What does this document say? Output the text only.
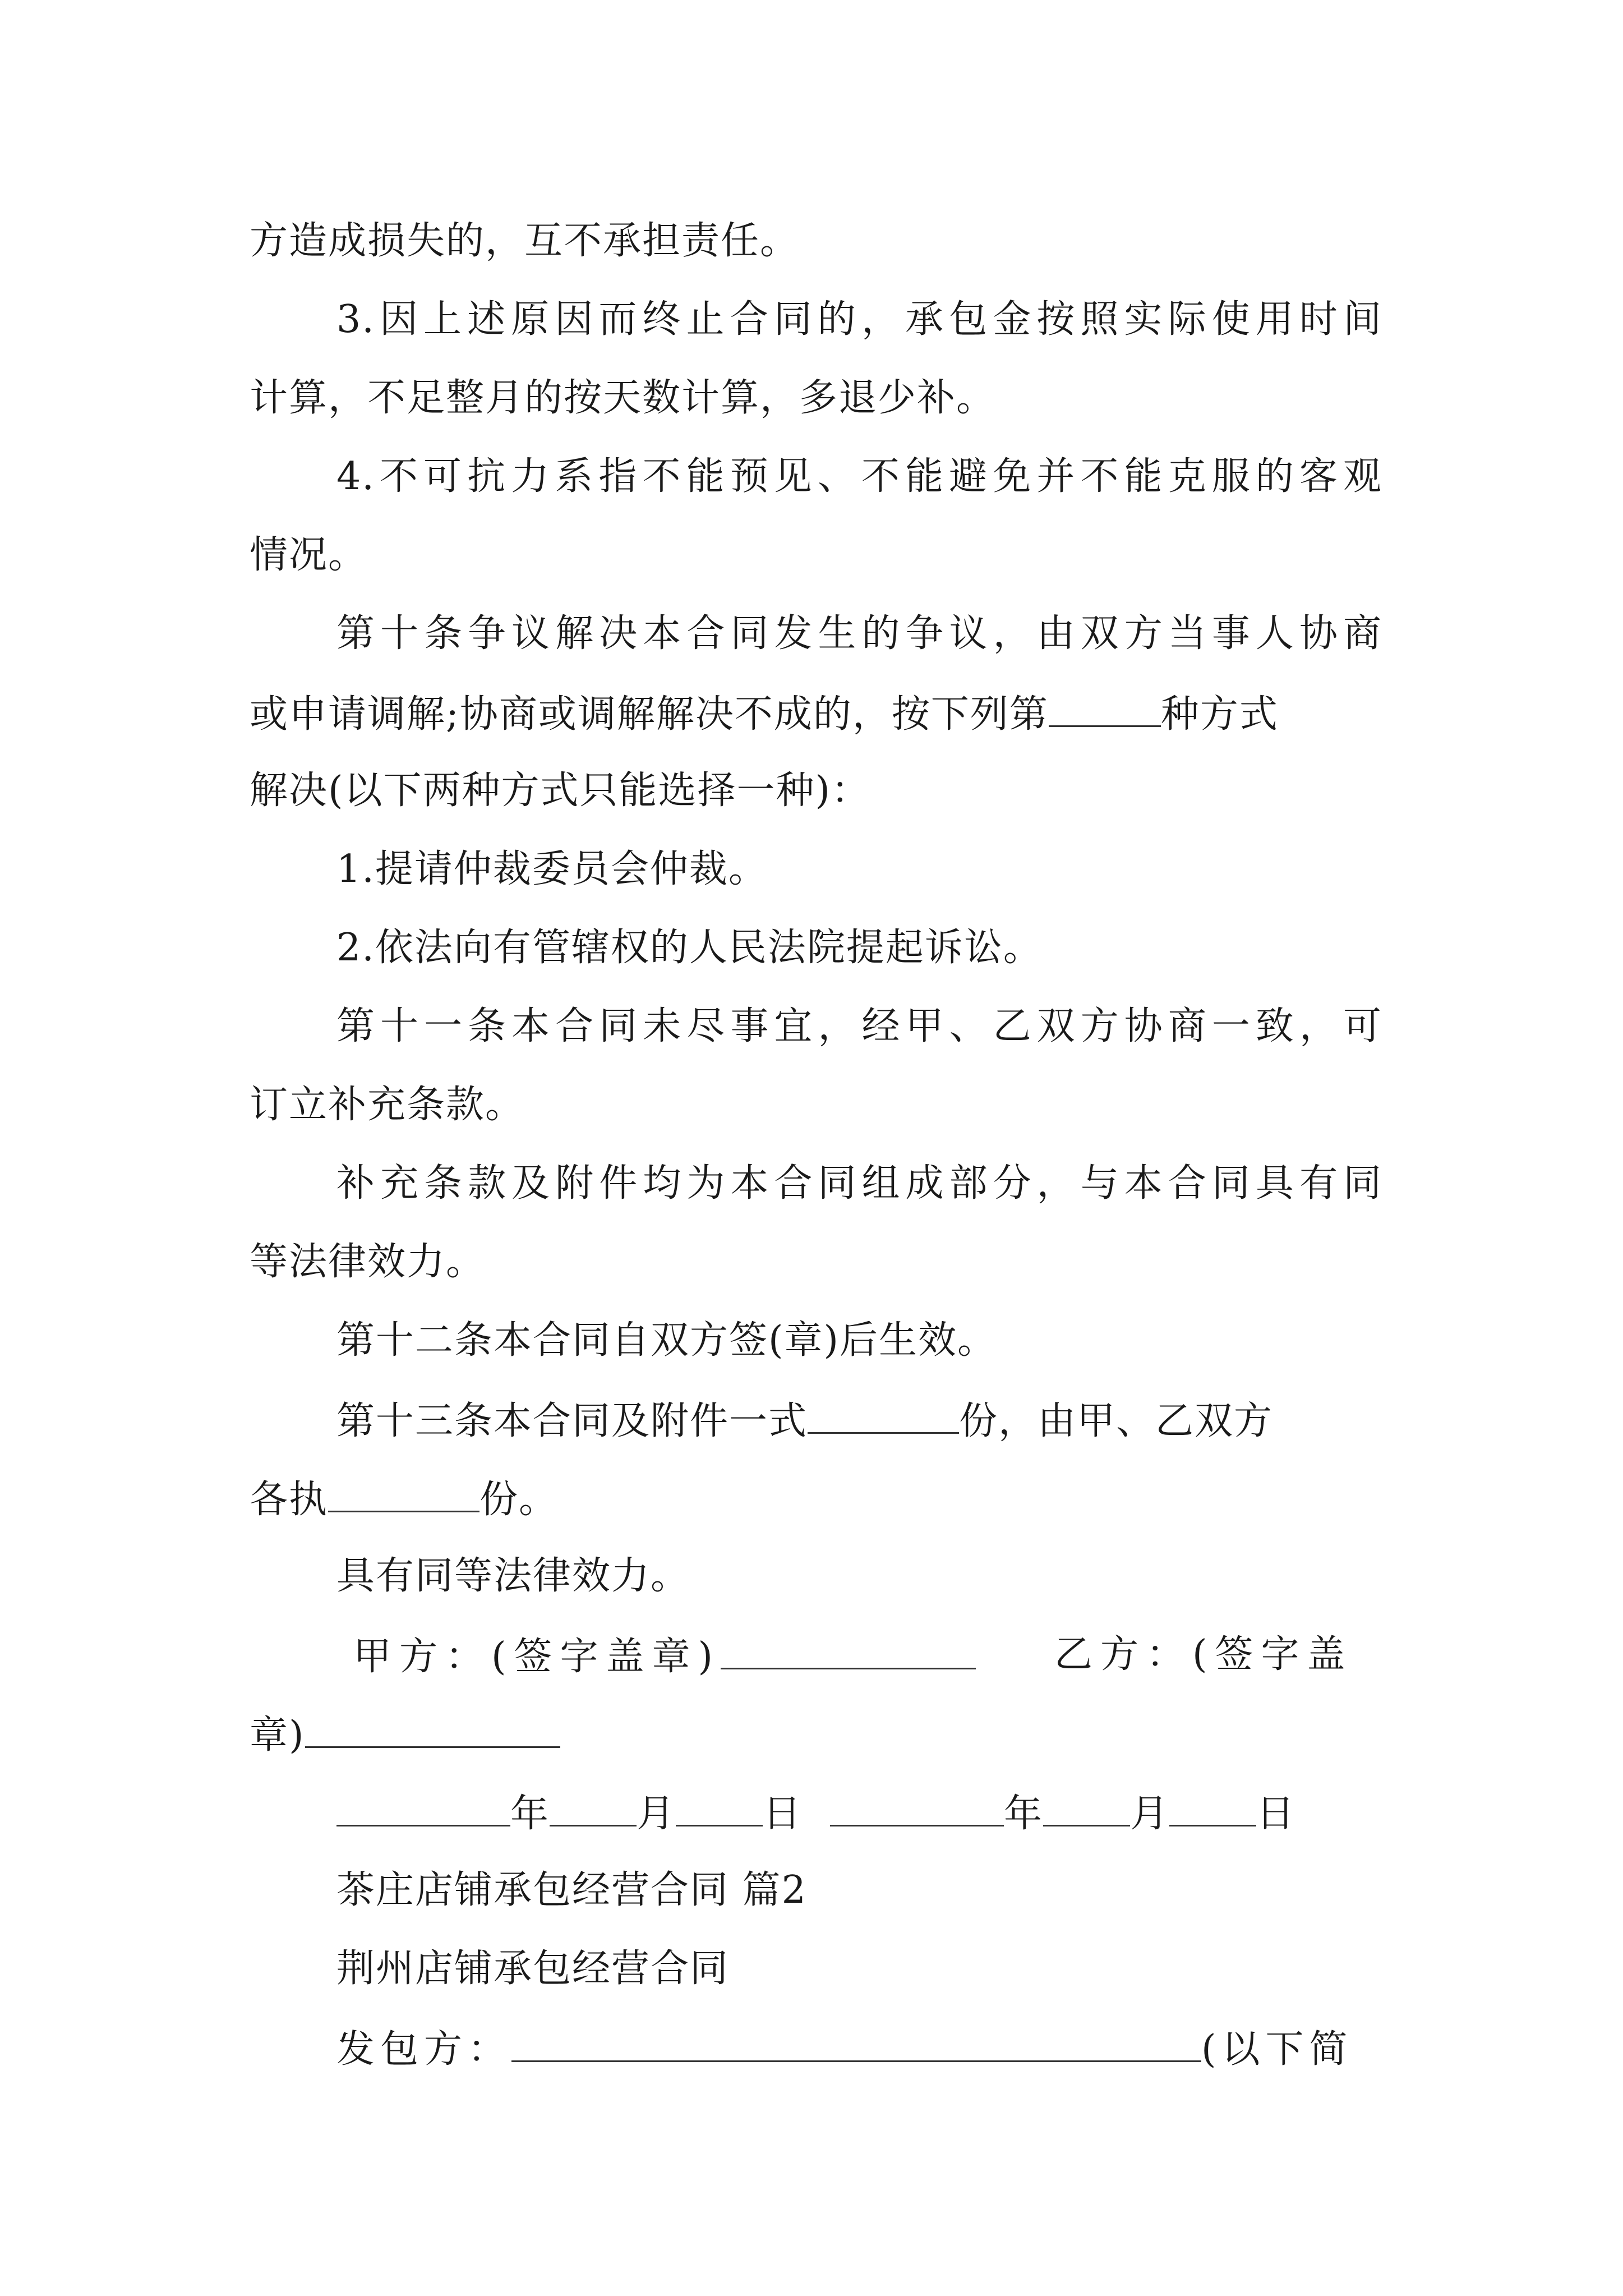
方造成损失的，互不承担责任。
3.因上述原因而终止合同的，承包金按照实际使用时间
计算，不足整月的按天数计算，多退少补。
4.不可抗力系指不能预见、不能避免并不能克服的客观
情况。
第十条争议解决本合同发生的争议，由双方当事人协商
或申请调解;协商或调解解决不成的，按下列第	种方式
解决(以下两种方式只能选择一种)：
1.提请仲裁委员会仲裁。
2.依法向有管辖权的人民法院提起诉讼。
第十一条本合同未尽事宜，经甲、乙双方协商一致，可
订立补充条款。
补充条款及附件均为本合同组成部分，与本合同具有同
等法律效力。
第十二条本合同自双方签(章)后生效。
第十三条本合同及附件一式	份，由甲、乙双方
各执	份。
具有同等法律效力。
甲方：(签字盖章)	乙方：(签字盖
章)
年 月 日	年 月 日
茶庄店铺承包经营合同 篇2
荆州店铺承包经营合同
发包方：	(以下简
